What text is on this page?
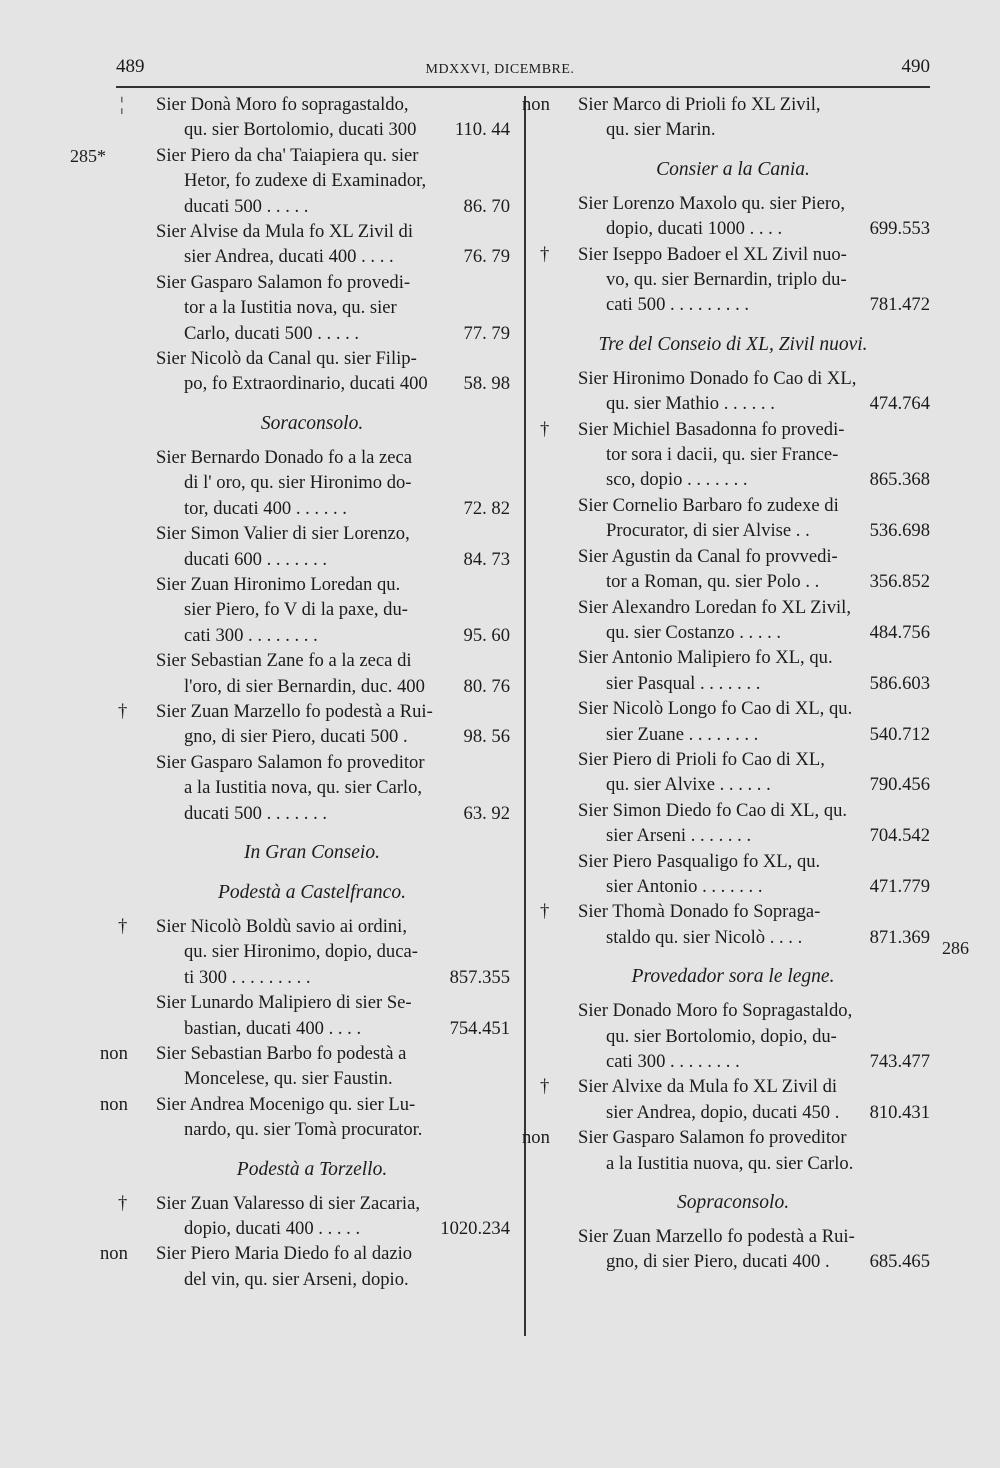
489	MDXXVI, DICEMBRE.	490
285*
286
¦	Sier Donà Moro fo sopragastaldo,
qu. sier Bortolomio, ducati 300	110. 44
Sier Piero da cha' Taiapiera qu. sier
Hetor, fo zudexe di Examinador,
ducati 500 . . . . .	86. 70
Sier Alvise da Mula fo XL Zivil di
sier Andrea, ducati 400 . . . .	76. 79
Sier Gasparo Salamon fo provedi-
tor a la Iustitia nova, qu. sier
Carlo, ducati 500 . . . . .	77. 79
Sier Nicolò da Canal qu. sier Filip-
po, fo Extraordinario, ducati 400	58. 98
Soraconsolo.
Sier Bernardo Donado fo a la zeca
di l' oro, qu. sier Hironimo do-
tor, ducati 400 . . . . . .	72. 82
Sier Simon Valier di sier Lorenzo,
ducati 600 . . . . . . .	84. 73
Sier Zuan Hironimo Loredan qu.
sier Piero, fo V di la paxe, du-
cati 300 . . . . . . . .	95. 60
Sier Sebastian Zane fo a la zeca di
l'oro, di sier Bernardin, duc. 400	80. 76
†	Sier Zuan Marzello fo podestà a Rui-
gno, di sier Piero, ducati 500 .	98. 56
Sier Gasparo Salamon fo proveditor
a la Iustitia nova, qu. sier Carlo,
ducati 500 . . . . . . .	63. 92
In Gran Conseio.
Podestà a Castelfranco.
†	Sier Nicolò Boldù savio ai ordini,
qu. sier Hironimo, dopio, duca-
ti 300 . . . . . . . . .	857.355
Sier Lunardo Malipiero di sier Se-
bastian, ducati 400 . . . .	754.451
non	Sier Sebastian Barbo fo podestà a
Moncelese, qu. sier Faustin.
non	Sier Andrea Mocenigo qu. sier Lu-
nardo, qu. sier Tomà procurator.
Podestà a Torzello.
†	Sier Zuan Valaresso di sier Zacaria,
dopio, ducati 400 . . . . .	1020.234
non	Sier Piero Maria Diedo fo al dazio
del vin, qu. sier Arseni, dopio.
non	Sier Marco di Prioli fo XL Zivil,
qu. sier Marin.
Consier a la Cania.
Sier Lorenzo Maxolo qu. sier Piero,
dopio, ducati 1000 . . . .	699.553
†	Sier Iseppo Badoer el XL Zivil nuo-
vo, qu. sier Bernardin, triplo du-
cati 500 . . . . . . . . .	781.472
Tre del Conseio di XL, Zivil nuovi.
Sier Hironimo Donado fo Cao di XL,
qu. sier Mathio . . . . . .	474.764
†	Sier Michiel Basadonna fo provedi-
tor sora i dacii, qu. sier France-
sco, dopio . . . . . . .	865.368
Sier Cornelio Barbaro fo zudexe di
Procurator, di sier Alvise . .	536.698
Sier Agustin da Canal fo provvedi-
tor a Roman, qu. sier Polo . .	356.852
Sier Alexandro Loredan fo XL Zivil,
qu. sier Costanzo . . . . .	484.756
Sier Antonio Malipiero fo XL, qu.
sier Pasqual . . . . . . .	586.603
Sier Nicolò Longo fo Cao di XL, qu.
sier Zuane . . . . . . . .	540.712
Sier Piero di Prioli fo Cao di XL,
qu. sier Alvixe . . . . . .	790.456
Sier Simon Diedo fo Cao di XL, qu.
sier Arseni . . . . . . .	704.542
Sier Piero Pasqualigo fo XL, qu.
sier Antonio . . . . . . .	471.779
†	Sier Thomà Donado fo Sopraga-
staldo qu. sier Nicolò . . . .	871.369
Provedador sora le legne.
Sier Donado Moro fo Sopragastaldo,
qu. sier Bortolomio, dopio, du-
cati 300 . . . . . . . .	743.477
†	Sier Alvixe da Mula fo XL Zivil di
sier Andrea, dopio, ducati 450 .	810.431
non	Sier Gasparo Salamon fo proveditor
a la Iustitia nuova, qu. sier Carlo.
Sopraconsolo.
Sier Zuan Marzello fo podestà a Rui-
gno, di sier Piero, ducati 400 .	685.465
